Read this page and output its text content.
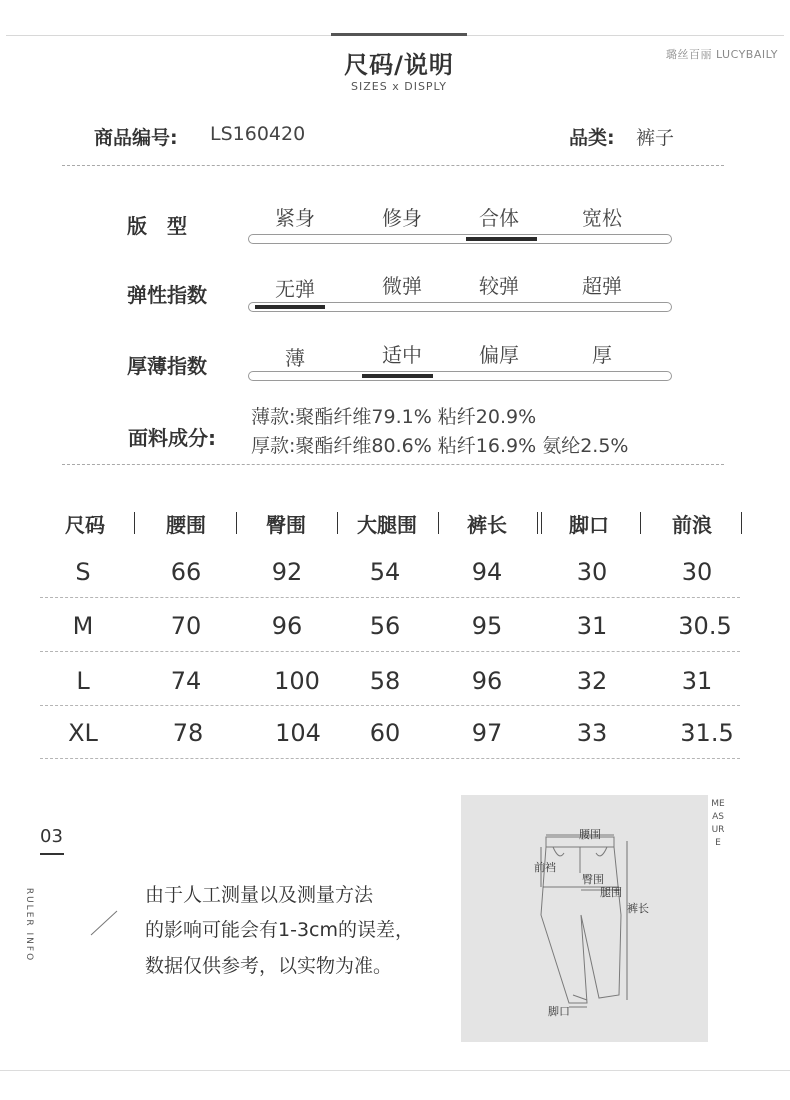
尺码/说明
SIZES x DISPLY
璐丝百丽 LUCYBAILY
商品编号: LS160420	品类: 裤子
版　型	紧身	修身	合体	宽松
弹性指数	无弹	微弹	较弹	超弹
厚薄指数	薄	适中	偏厚	厚
面料成分:
薄款:聚酯纤维79.1% 粘纤20.9%
厚款:聚酯纤维80.6% 粘纤16.9% 氨纶2.5%
尺码	腰围	臀围	大腿围	裤长	脚口	前浪
S	66	92	54	94	30	30
M	70	96	56	95	31	30.5
L	74	100	58	96	32	31
XL	78	104	60	97	33	31.5
03
RULER INFO	由于人工测量以及测量方法
的影响可能会有1-3cm的误差，
数据仅供参考，以实物为准。
腰围
前裆
臀围
腿围
裤长
脚口
MEASURE
